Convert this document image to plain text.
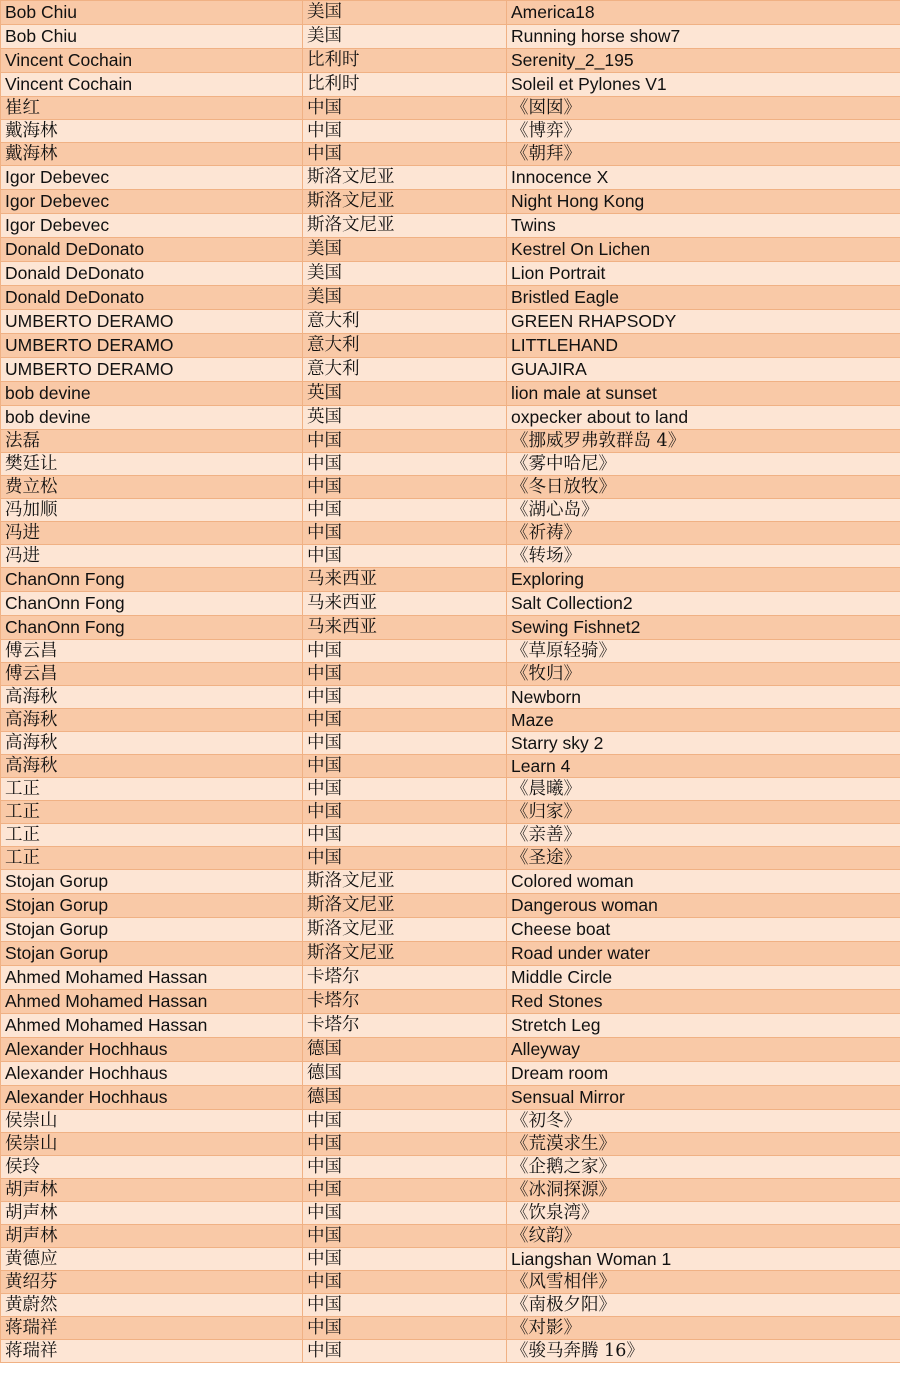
Bob Chiu	美国	America18
Bob Chiu	美国	Running horse show7
Vincent Cochain	比利时	Serenity_2_195
Vincent Cochain	比利时	Soleil et Pylones V1
崔红	中国	《囡囡》
戴海林	中国	《博弈》
戴海林	中国	《朝拜》
Igor Debevec	斯洛文尼亚	Innocence X
Igor Debevec	斯洛文尼亚	Night Hong Kong
Igor Debevec	斯洛文尼亚	Twins
Donald DeDonato	美国	Kestrel On Lichen
Donald DeDonato	美国	Lion Portrait
Donald DeDonato	美国	Bristled Eagle
UMBERTO DERAMO	意大利	GREEN RHAPSODY
UMBERTO DERAMO	意大利	LITTLEHAND
UMBERTO DERAMO	意大利	GUAJIRA
bob devine	英国	lion male at sunset
bob devine	英国	oxpecker about to land
法磊	中国	《挪威罗弗敦群岛 4》
樊廷让	中国	《雾中哈尼》
费立松	中国	《冬日放牧》
冯加顺	中国	《湖心岛》
冯进	中国	《祈祷》
冯进	中国	《转场》
ChanOnn Fong	马来西亚	Exploring
ChanOnn Fong	马来西亚	Salt Collection2
ChanOnn Fong	马来西亚	Sewing Fishnet2
傅云昌	中国	《草原轻骑》
傅云昌	中国	《牧归》
高海秋	中国	Newborn
高海秋	中国	Maze
高海秋	中国	Starry sky 2
高海秋	中国	Learn 4
工正	中国	《晨曦》
工正	中国	《归家》
工正	中国	《亲善》
工正	中国	《圣途》
Stojan Gorup	斯洛文尼亚	Colored woman
Stojan Gorup	斯洛文尼亚	Dangerous woman
Stojan Gorup	斯洛文尼亚	Cheese boat
Stojan Gorup	斯洛文尼亚	Road under water
Ahmed Mohamed Hassan	卡塔尔	Middle Circle
Ahmed Mohamed Hassan	卡塔尔	Red Stones
Ahmed Mohamed Hassan	卡塔尔	Stretch Leg
Alexander Hochhaus	德国	Alleyway
Alexander Hochhaus	德国	Dream room
Alexander Hochhaus	德国	Sensual Mirror
侯崇山	中国	《初冬》
侯崇山	中国	《荒漠求生》
侯玲	中国	《企鹅之家》
胡声林	中国	《冰洞探源》
胡声林	中国	《饮泉湾》
胡声林	中国	《纹韵》
黄德应	中国	Liangshan Woman 1
黄绍芬	中国	《风雪相伴》
黄蔚然	中国	《南极夕阳》
蒋瑞祥	中国	《对影》
蒋瑞祥	中国	《骏马奔腾 16》
